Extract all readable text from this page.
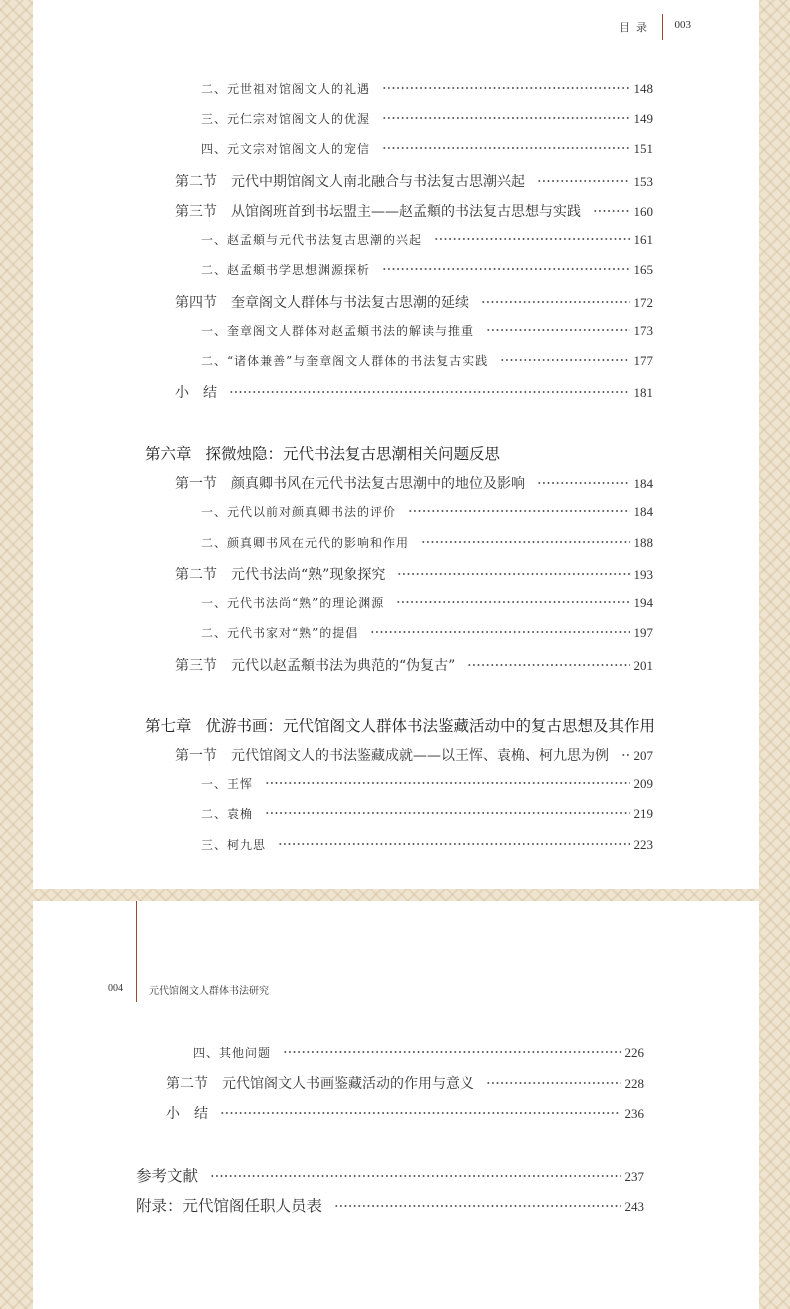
目录 003
二、元世祖对馆阁文人的礼遇	148
三、元仁宗对馆阁文人的优渥	149
四、元文宗对馆阁文人的宠信	151
第二节 元代中期馆阁文人南北融合与书法复古思潮兴起	153
第三节 从馆阁班首到书坛盟主——赵孟頫的书法复古思想与实践	160
一、赵孟頫与元代书法复古思潮的兴起	161
二、赵孟頫书学思想渊源探析	165
第四节 奎章阁文人群体与书法复古思潮的延续	172
一、奎章阁文人群体对赵孟頫书法的解读与推重	173
二、“诸体兼善”与奎章阁文人群体的书法复古实践	177
小　结	181
第六章 探微烛隐：元代书法复古思潮相关问题反思
第一节 颜真卿书风在元代书法复古思潮中的地位及影响	184
一、元代以前对颜真卿书法的评价	184
二、颜真卿书风在元代的影响和作用	188
第二节 元代书法尚“熟”现象探究	193
一、元代书法尚“熟”的理论渊源	194
二、元代书家对“熟”的提倡	197
第三节 元代以赵孟頫书法为典范的“伪复古”	201
第七章 优游书画：元代馆阁文人群体书法鉴藏活动中的复古思想及其作用
第一节 元代馆阁文人的书法鉴藏成就——以王恽、袁桷、柯九思为例 207
一、王恽	209
二、袁桷	219
三、柯九思	223
004	元代馆阁文人群体书法研究
四、其他问题	226
第二节 元代馆阁文人书画鉴藏活动的作用与意义	228
小　结	236
参考文献	237
附录：元代馆阁任职人员表	243
